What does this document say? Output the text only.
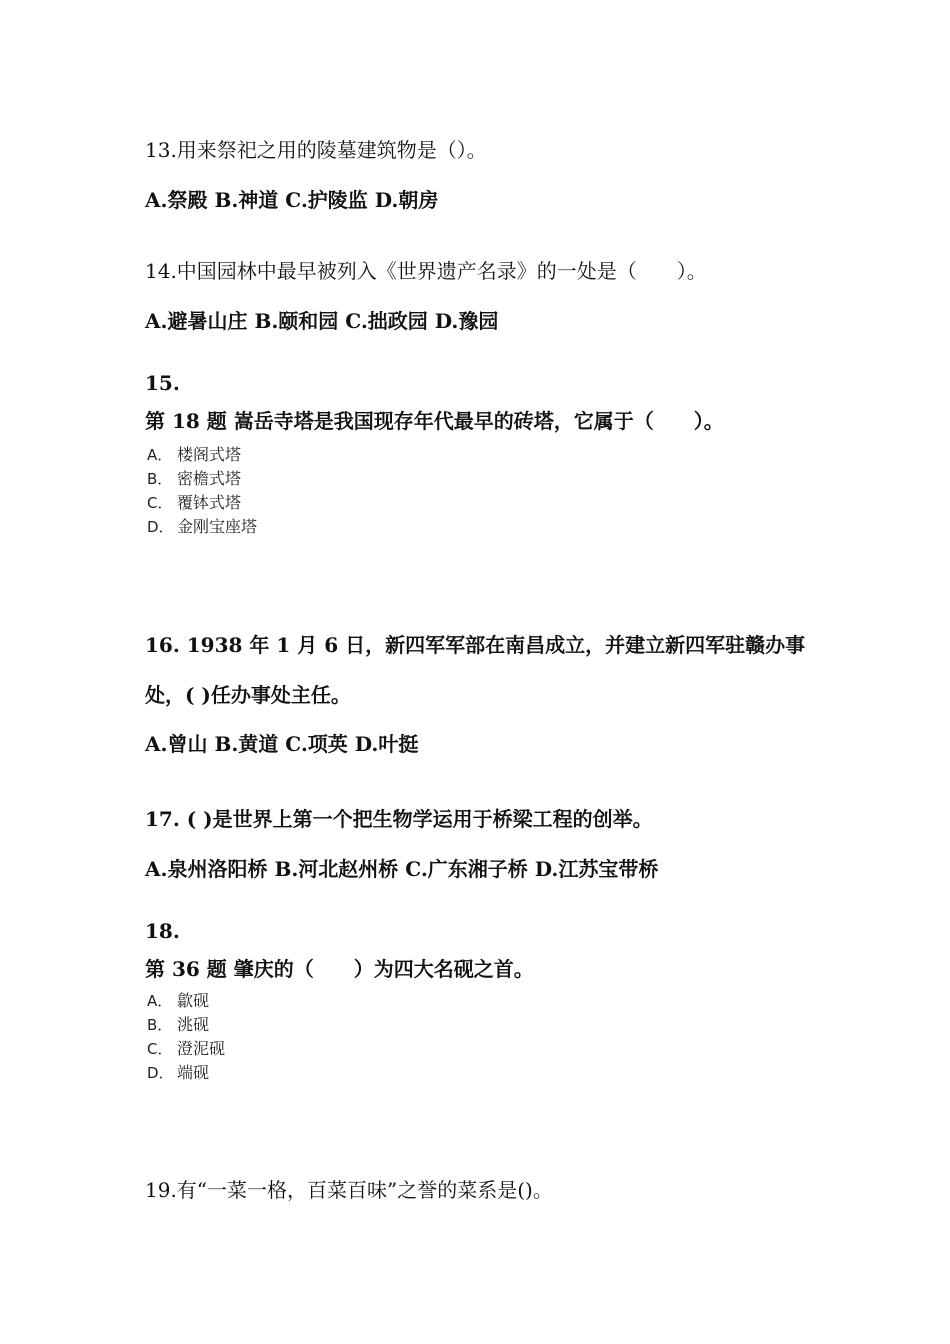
13.用来祭祀之用的陵墓建筑物是（）。
A.祭殿 B.神道 C.护陵监 D.朝房
14.中国园林中最早被列入《世界遗产名录》的一处是（　　）。
A.避暑山庄 B.颐和园 C.拙政园 D.豫园
15.
第 18 题 嵩岳寺塔是我国现存年代最早的砖塔，它属于（　　）。
A． 楼阁式塔
B． 密檐式塔
C． 覆钵式塔
D． 金刚宝座塔
16. 1938 年 1 月 6 日，新四军军部在南昌成立，并建立新四军驻赣办事
处，( )任办事处主任。
A.曾山 B.黄道 C.项英 D.叶挺
17. ( )是世界上第一个把生物学运用于桥梁工程的创举。
A.泉州洛阳桥 B.河北赵州桥 C.广东湘子桥 D.江苏宝带桥
18.
第 36 题 肇庆的（　　）为四大名砚之首。
A． 歙砚
B． 洮砚
C． 澄泥砚
D． 端砚
19.有“一菜一格，百菜百味”之誉的菜系是()。
